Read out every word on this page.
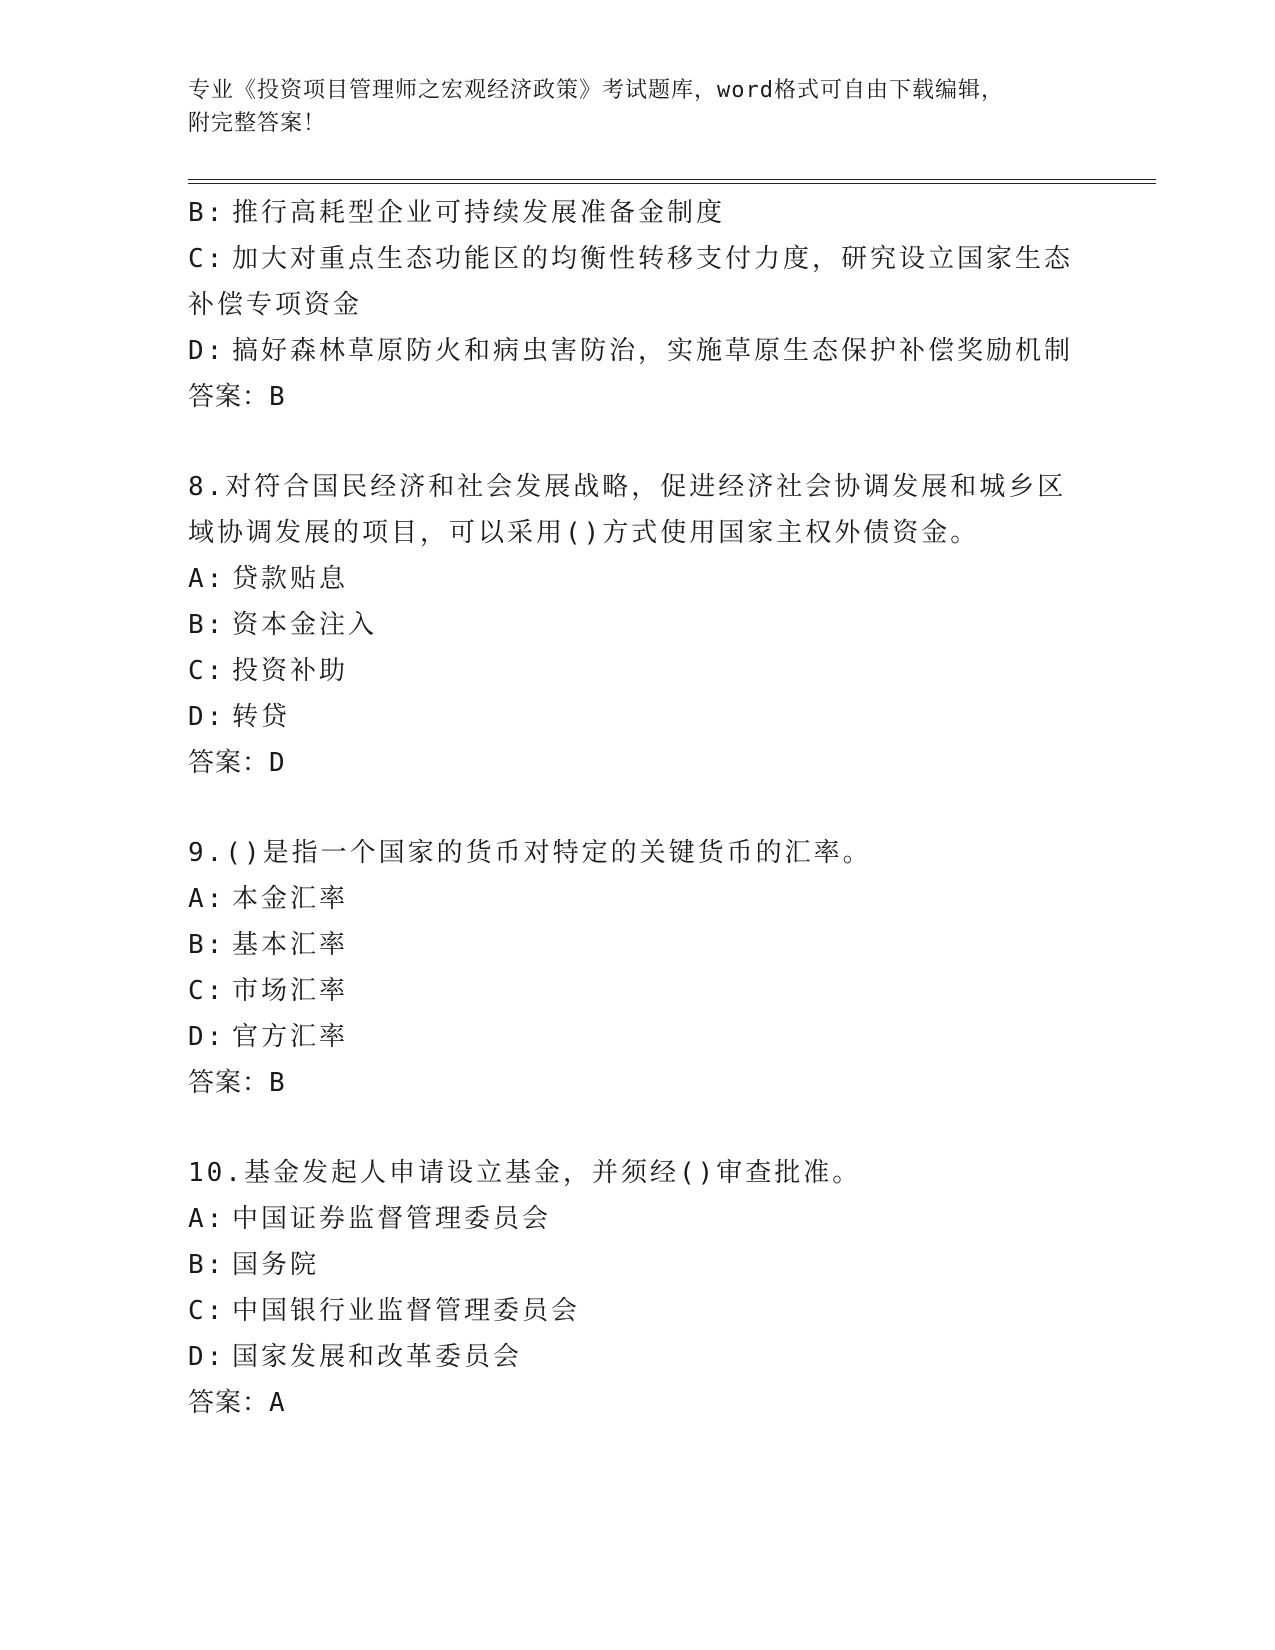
专业《投资项目管理师之宏观经济政策》考试题库，word格式可自由下载编辑，
附完整答案！
B: 推行高耗型企业可持续发展准备金制度
C: 加大对重点生态功能区的均衡性转移支付力度，研究设立国家生态
补偿专项资金
D: 搞好森林草原防火和病虫害防治，实施草原生态保护补偿奖励机制
答案：B
8.对符合国民经济和社会发展战略，促进经济社会协调发展和城乡区
域协调发展的项目，可以采用()方式使用国家主权外债资金。
A: 贷款贴息
B: 资本金注入
C: 投资补助
D: 转贷
答案：D
9.()是指一个国家的货币对特定的关键货币的汇率。
A: 本金汇率
B: 基本汇率
C: 市场汇率
D: 官方汇率
答案：B
10.基金发起人申请设立基金，并须经()审查批准。
A: 中国证券监督管理委员会
B: 国务院
C: 中国银行业监督管理委员会
D: 国家发展和改革委员会
答案：A
